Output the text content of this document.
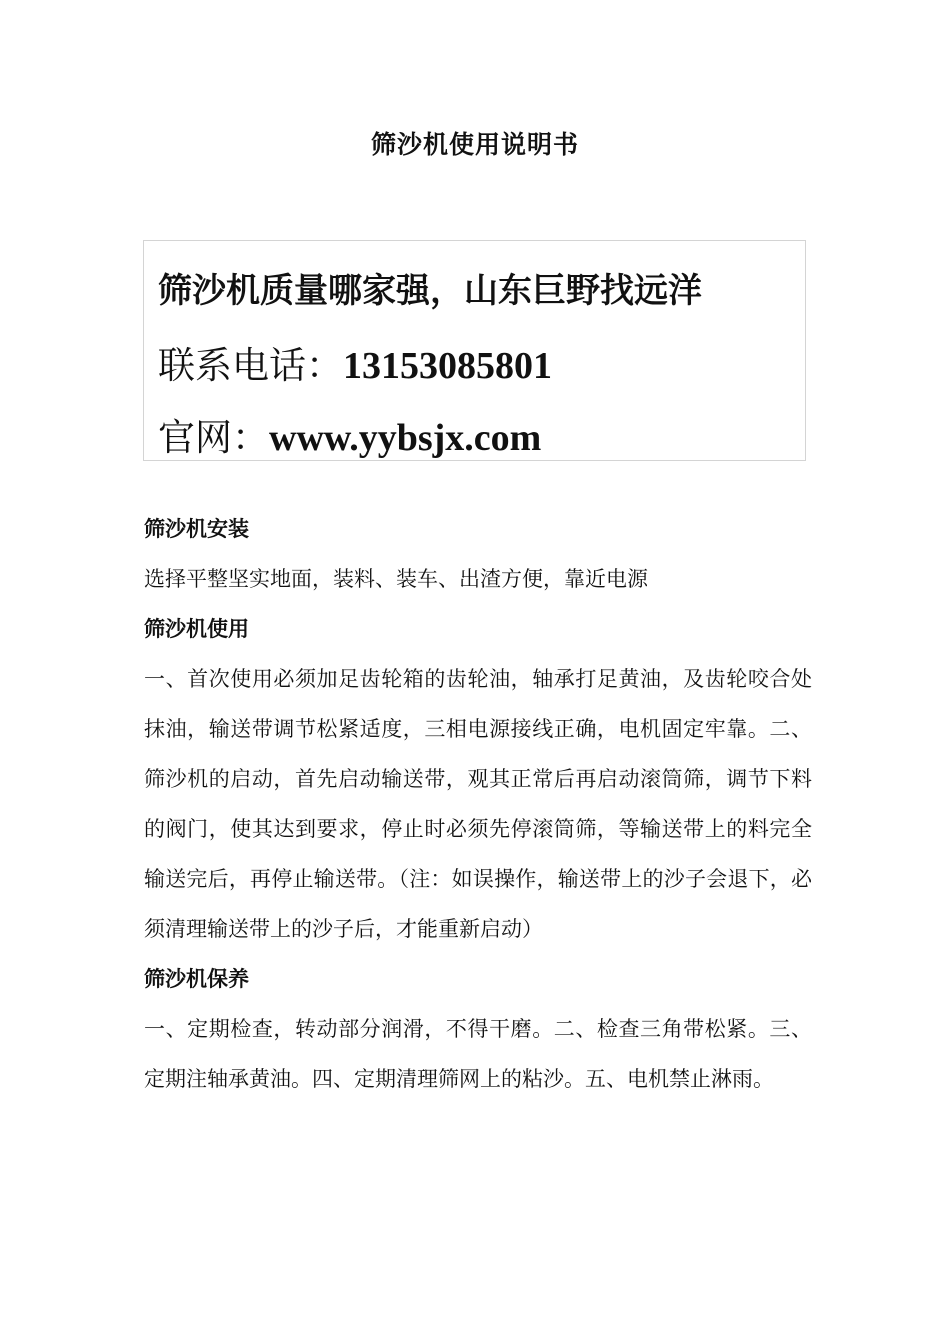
筛沙机使用说明书
筛沙机质量哪家强，山东巨野找远洋
联系电话：13153085801
官网：www.yybsjx.com
筛沙机安装

选择平整坚实地面，装料、装车、出渣方便，靠近电源

筛沙机使用

一、首次使用必须加足齿轮箱的齿轮油，轴承打足黄油，及齿轮咬合处抹油，输送带调节松紧适度，三相电源接线正确，电机固定牢靠。二、筛沙机的启动，首先启动输送带，观其正常后再启动滚筒筛，调节下料的阀门，使其达到要求，停止时必须先停滚筒筛，等输送带上的料完全输送完后，再停止输送带。（注：如误操作，输送带上的沙子会退下，必须清理输送带上的沙子后，才能重新启动）

筛沙机保养

一、定期检查，转动部分润滑，不得干磨。二、检查三角带松紧。三、定期注轴承黄油。四、定期清理筛网上的粘沙。五、电机禁止淋雨。
